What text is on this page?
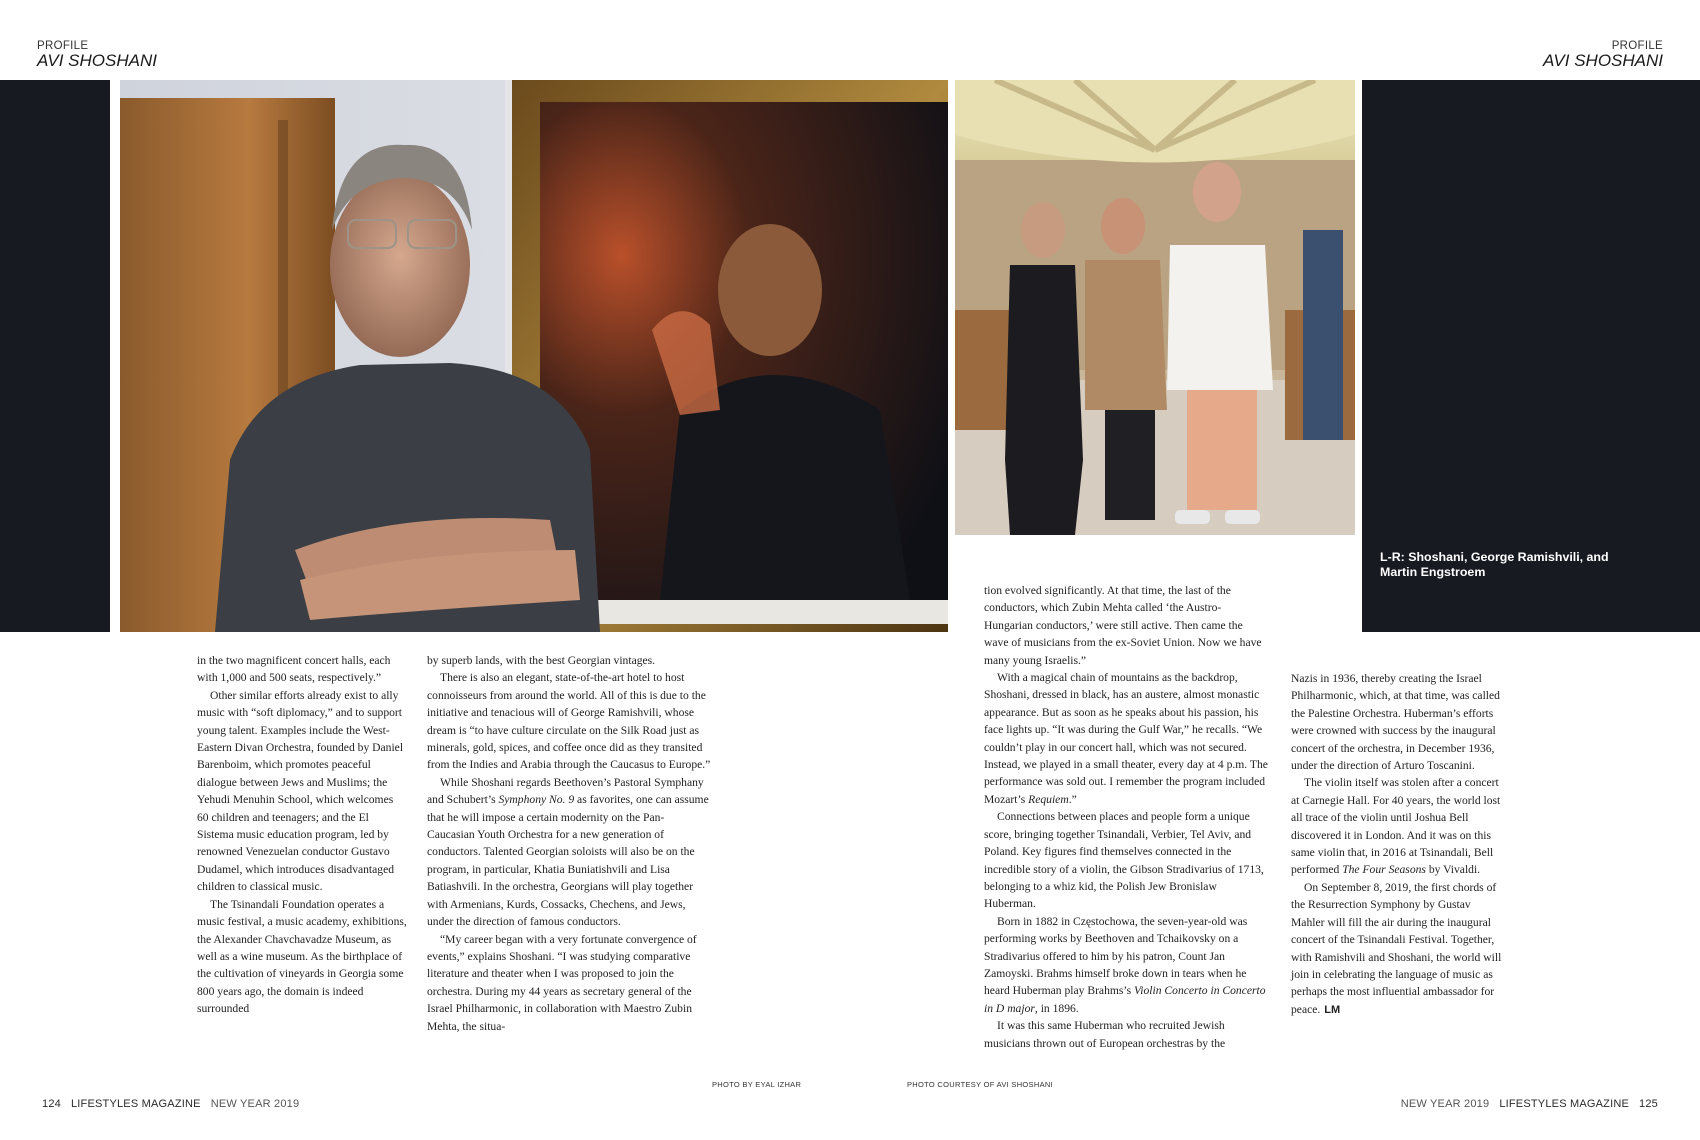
PROFILE
AVI SHOSHANI
PROFILE
AVI SHOSHANI
L-R: Shoshani, George Ramishvili, and Martin Engstroem

in the two magnificent concert halls, each with 1,000 and 500 seats, respectively.”

Other similar efforts already exist to ally music with “soft diplomacy,” and to support young talent. Examples include the West-Eastern Divan Orchestra, founded by Daniel Barenboim, which promotes peaceful dialogue between Jews and Muslims; the Yehudi Menuhin School, which welcomes 60 children and teenagers; and the El Sistema music education program, led by renowned Venezuelan conductor Gustavo Dudamel, which introduces disadvantaged children to classical music.

The Tsinandali Foundation operates a music festival, a music academy, exhibitions, the Alexander Chavchavadze Museum, as well as a wine museum. As the birthplace of the cultivation of vineyards in Georgia some 800 years ago, the domain is indeed surrounded

by superb lands, with the best Georgian vintages.

There is also an elegant, state-of-the-art hotel to host connoisseurs from around the world. All of this is due to the initiative and tenacious will of George Ramishvili, whose dream is “to have culture circulate on the Silk Road just as minerals, gold, spices, and coffee once did as they transited from the Indies and Arabia through the Caucasus to Europe.”

While Shoshani regards Beethoven’s Pastoral Symphany and Schubert’s Symphony No. 9 as favorites, one can assume that he will impose a certain modernity on the Pan-Caucasian Youth Orchestra for a new generation of conductors. Talented Georgian soloists will also be on the program, in particular, Khatia Buniatishvili and Lisa Batiashvili. In the orchestra, Georgians will play together with Armenians, Kurds, Cossacks, Chechens, and Jews, under the direction of famous conductors.

“My career began with a very fortunate convergence of events,” explains Shoshani. “I was studying comparative literature and theater when I was proposed to join the orchestra. During my 44 years as secretary general of the Israel Philharmonic, in collaboration with Maestro Zubin Mehta, the situa-

tion evolved significantly. At that time, the last of the conductors, which Zubin Mehta called ‘the Austro-Hungarian conductors,’ were still active. Then came the wave of musicians from the ex-Soviet Union. Now we have many young Israelis.”

With a magical chain of mountains as the backdrop, Shoshani, dressed in black, has an austere, almost monastic appearance. But as soon as he speaks about his passion, his face lights up. “It was during the Gulf War,” he recalls. “We couldn’t play in our concert hall, which was not secured. Instead, we played in a small theater, every day at 4 p.m. The performance was sold out. I remember the program included Mozart’s Requiem.”

Connections between places and people form a unique score, bringing together Tsinandali, Verbier, Tel Aviv, and Poland. Key figures find themselves connected in the incredible story of a violin, the Gibson Stradivarius of 1713, belonging to a whiz kid, the Polish Jew Bronislaw Huberman.

Born in 1882 in Częstochowa, the seven-year-old was performing works by Beethoven and Tchaikovsky on a Stradivarius offered to him by his patron, Count Jan Zamoyski. Brahms himself broke down in tears when he heard Huberman play Brahms’s Violin Concerto in Concerto in D major, in 1896.

It was this same Huberman who recruited Jewish musicians thrown out of European orchestras by the

Nazis in 1936, thereby creating the Israel Philharmonic, which, at that time, was called the Palestine Orchestra. Huberman’s efforts were crowned with success by the inaugural concert of the orchestra, in December 1936, under the direction of Arturo Toscanini.

The violin itself was stolen after a concert at Carnegie Hall. For 40 years, the world lost all trace of the violin until Joshua Bell discovered it in London. And it was on this same violin that, in 2016 at Tsinandali, Bell performed The Four Seasons by Vivaldi.

On September 8, 2019, the first chords of the Resurrection Symphony by Gustav Mahler will fill the air during the inaugural concert of the Tsinandali Festival. Together, with Ramishvili and Shoshani, the world will join in celebrating the language of music as perhaps the most influential ambassador for peace. LM

PHOTO BY EYAL IZHAR	PHOTO COURTESY OF AVI SHOSHANI
124 LIFESTYLES MAGAZINE NEW YEAR 2019	NEW YEAR 2019 LIFESTYLES MAGAZINE 125
